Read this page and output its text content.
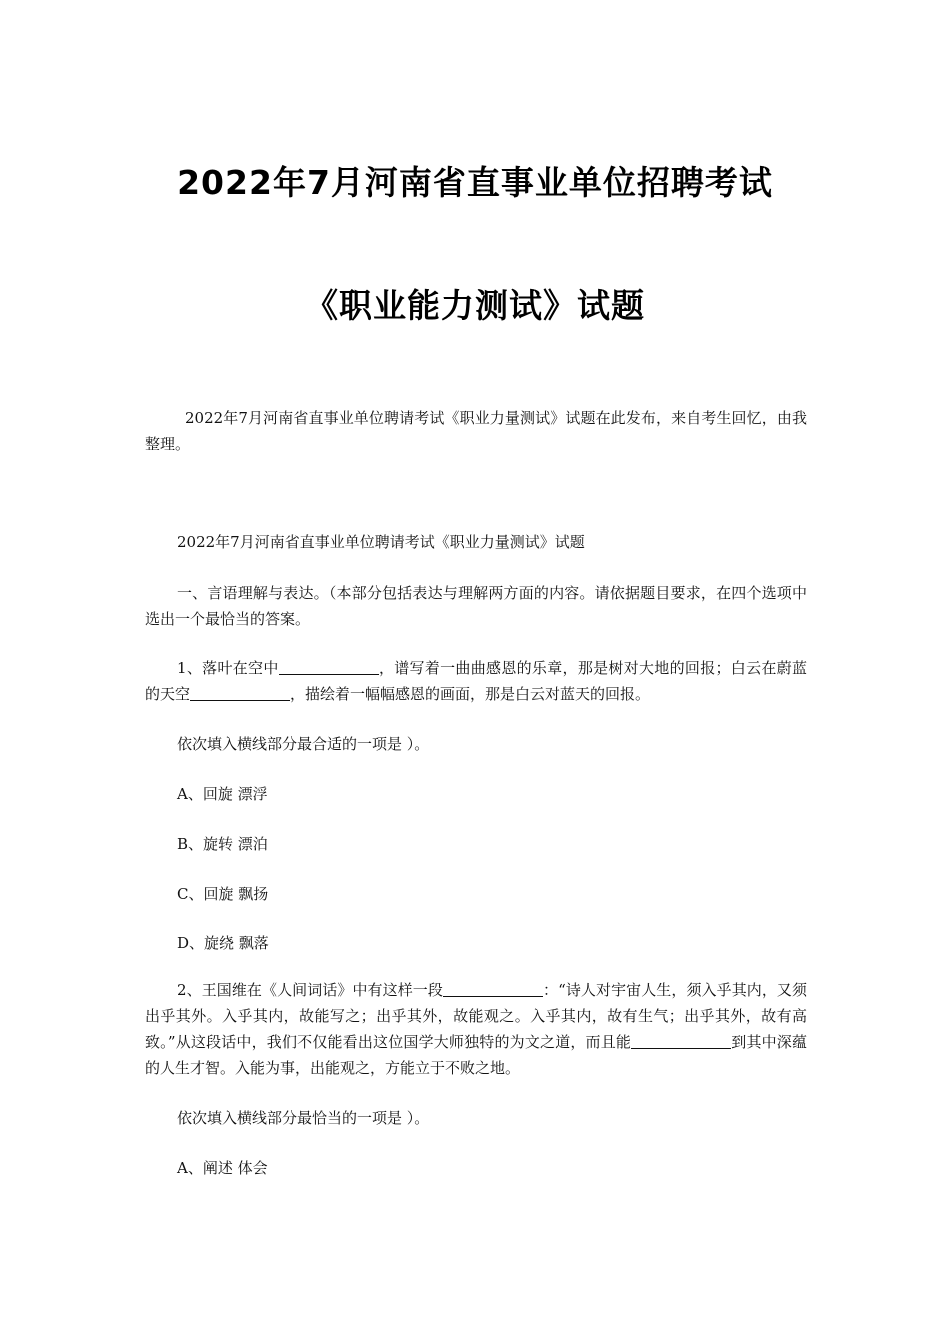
2022年7月河南省直事业单位招聘考试
《职业能力测试》试题

2022年7月河南省直事业单位聘请考试《职业力量测试》试题在此发布，来自考生回忆，由我整理。

2022年7月河南省直事业单位聘请考试《职业力量测试》试题

一、言语理解与表达。（本部分包括表达与理解两方面的内容。请依据题目要求，在四个选项中选出一个最恰当的答案。

1、落叶在空中	，谱写着一曲曲感恩的乐章，那是树对大地的回报；白云在蔚蓝的天空	，描绘着一幅幅感恩的画面，那是白云对蓝天的回报。

依次填入横线部分最合适的一项是 ）。

A、回旋 漂浮

B、旋转 漂泊

C、回旋 飘扬

D、旋绕 飘落

2、王国维在《人间词话》中有这样一段	：“诗人对宇宙人生，须入乎其内，又须出乎其外。入乎其内，故能写之；出乎其外，故能观之。入乎其内，故有生气；出乎其外，故有高致。”从这段话中，我们不仅能看出这位国学大师独特的为文之道，而且能	到其中深蕴的人生才智。入能为事，出能观之，方能立于不败之地。

依次填入横线部分最恰当的一项是 ）。

A、阐述 体会
